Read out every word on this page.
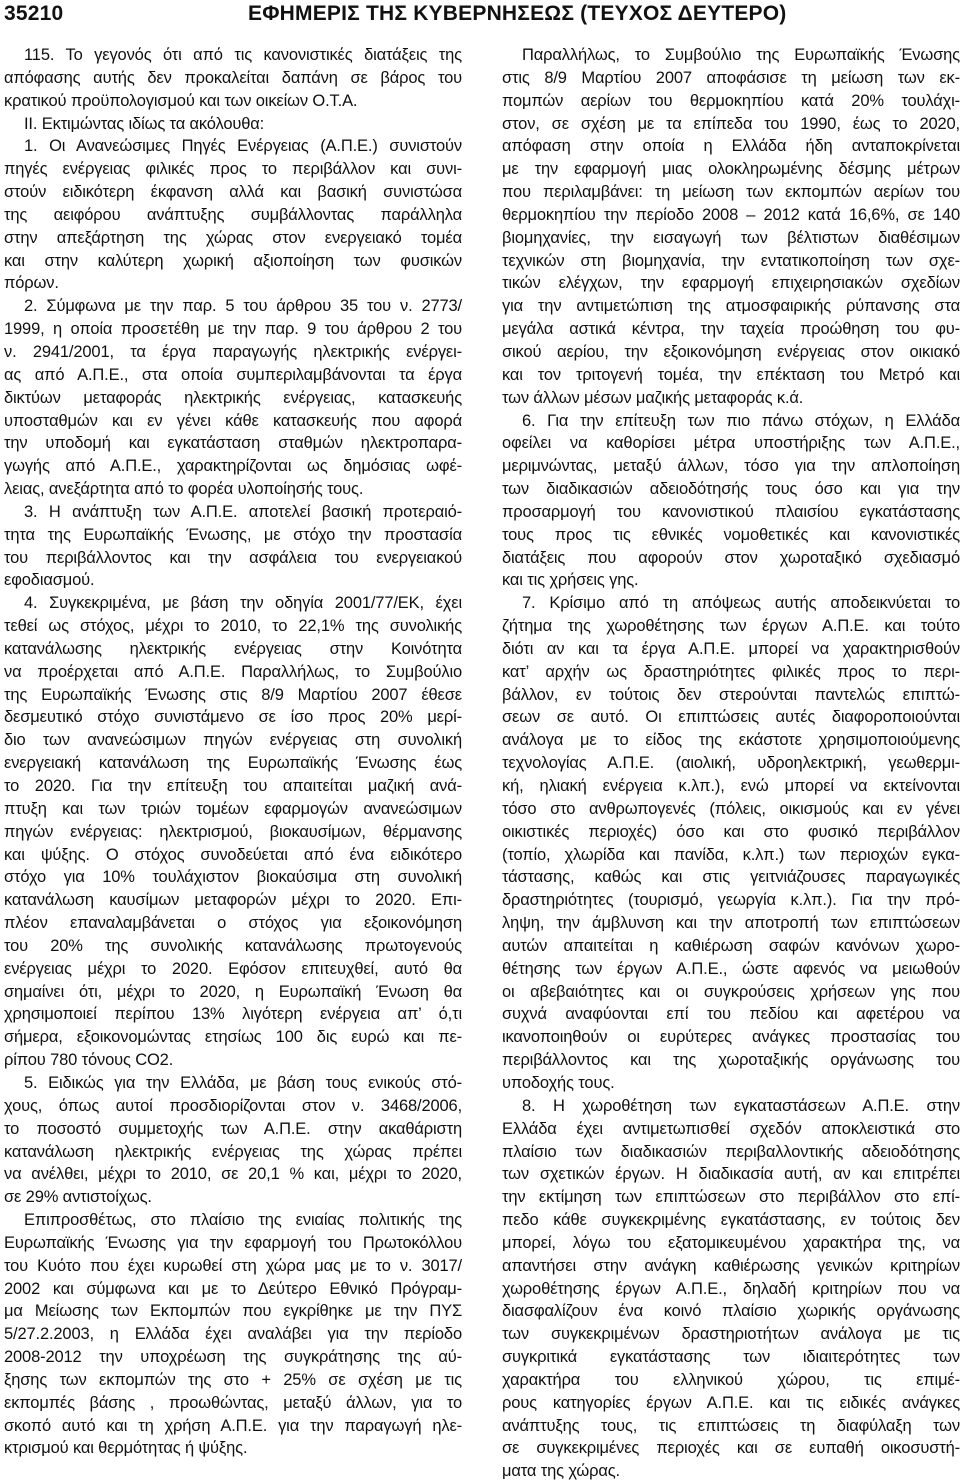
35210	ΕΦΗΜΕΡΙΣ ΤΗΣ ΚΥΒΕΡΝΗΣΕΩΣ (ΤΕΥΧΟΣ ΔΕΥΤΕΡΟ)
115. Το γεγονός ότι από τις κανονιστικές διατάξεις της
απόφασης αυτής δεν προκαλείται δαπάνη σε βάρος του
κρατικού προϋπολογισμού και των οικείων Ο.Τ.Α.
ΙΙ. Εκτιμώντας ιδίως τα ακόλουθα:
1. Οι Ανανεώσιμες Πηγές Ενέργειας (Α.Π.Ε.) συνιστούν
πηγές ενέργειας φιλικές προς το περιβάλλον και συνι-
στούν ειδικότερη έκφανση αλλά και βασική συνιστώσα
της αειφόρου ανάπτυξης συμβάλλοντας παράλληλα
στην απεξάρτηση της χώρας στον ενεργειακό τομέα
και στην καλύτερη χωρική αξιοποίηση των φυσικών
πόρων.
2. Σύμφωνα με την παρ. 5 του άρθρου 35 του ν. 2773/
1999, η οποία προσετέθη με την παρ. 9 του άρθρου 2 του
ν. 2941/2001, τα έργα παραγωγής ηλεκτρικής ενέργει-
ας από Α.Π.Ε., στα οποία συμπεριλαμβάνονται τα έργα
δικτύων μεταφοράς ηλεκτρικής ενέργειας, κατασκευής
υποσταθμών και εν γένει κάθε κατασκευής που αφορά
την υποδομή και εγκατάσταση σταθμών ηλεκτροπαρα-
γωγής από Α.Π.Ε., χαρακτηρίζονται ως δημόσιας ωφέ-
λειας, ανεξάρτητα από το φορέα υλοποίησής τους.
3. Η ανάπτυξη των Α.Π.Ε. αποτελεί βασική προτεραιό-
τητα της Ευρωπαϊκής Ένωσης, με στόχο την προστασία
του περιβάλλοντος και την ασφάλεια του ενεργειακού
εφοδιασμού.
4. Συγκεκριμένα, με βάση την οδηγία 2001/77/ΕΚ, έχει
τεθεί ως στόχος, μέχρι το 2010, το 22,1% της συνολικής
κατανάλωσης ηλεκτρικής ενέργειας στην Κοινότητα
να προέρχεται από Α.Π.Ε. Παραλλήλως, το Συμβούλιο
της Ευρωπαϊκής Ένωσης στις 8/9 Μαρτίου 2007 έθεσε
δεσμευτικό στόχο συνιστάμενο σε ίσο προς 20% μερί-
διο των ανανεώσιμων πηγών ενέργειας στη συνολική
ενεργειακή κατανάλωση της Ευρωπαϊκής Ένωσης έως
το 2020. Για την επίτευξη του απαιτείται μαζική ανά-
πτυξη και των τριών τομέων εφαρμογών ανανεώσιμων
πηγών ενέργειας: ηλεκτρισμού, βιοκαυσίμων, θέρμανσης
και ψύξης. Ο στόχος συνοδεύεται από ένα ειδικότερο
στόχο για 10% τουλάχιστον βιοκαύσιμα στη συνολική
κατανάλωση καυσίμων μεταφορών μέχρι το 2020. Επι-
πλέον επαναλαμβάνεται ο στόχος για εξοικονόμηση
του 20% της συνολικής κατανάλωσης πρωτογενούς
ενέργειας μέχρι το 2020. Εφόσον επιτευχθεί, αυτό θα
σημαίνει ότι, μέχρι το 2020, η Ευρωπαϊκή Ένωση θα
χρησιμοποιεί περίπου 13% λιγότερη ενέργεια απ’ ό,τι
σήμερα, εξοικονομώντας ετησίως 100 δις ευρώ και πε-
ρίπου 780 τόνους CO2.
5. Ειδικώς για την Ελλάδα, με βάση τους ενικούς στό-
χους, όπως αυτοί προσδιορίζονται στον ν. 3468/2006,
το ποσοστό συμμετοχής των Α.Π.Ε. στην ακαθάριστη
κατανάλωση ηλεκτρικής ενέργειας της χώρας πρέπει
να ανέλθει, μέχρι το 2010, σε 20,1 % και, μέχρι το 2020,
σε 29% αντιστοίχως.
Επιπροσθέτως, στο πλαίσιο της ενιαίας πολιτικής της
Ευρωπαϊκής Ένωσης για την εφαρμογή του Πρωτοκόλλου
του Κυότο που έχει κυρωθεί στη χώρα μας με το ν. 3017/
2002 και σύμφωνα και με το Δεύτερο Εθνικό Πρόγραμ-
μα Μείωσης των Εκπομπών που εγκρίθηκε με την ΠΥΣ
5/27.2.2003, η Ελλάδα έχει αναλάβει για την περίοδο
2008-2012 την υποχρέωση της συγκράτησης της αύ-
ξησης των εκπομπών της στο + 25% σε σχέση με τις
εκπομπές βάσης , προωθώντας, μεταξύ άλλων, για το
σκοπό αυτό και τη χρήση Α.Π.Ε. για την παραγωγή ηλε-
κτρισμού και θερμότητας ή ψύξης.
Παραλλήλως, το Συμβούλιο της Ευρωπαϊκής Ένωσης
στις 8/9 Μαρτίου 2007 αποφάσισε τη μείωση των εκ-
πομπών αερίων του θερμοκηπίου κατά 20% τουλάχι-
στον, σε σχέση με τα επίπεδα του 1990, έως το 2020,
απόφαση στην οποία η Ελλάδα ήδη ανταποκρίνεται
με την εφαρμογή μιας ολοκληρωμένης δέσμης μέτρων
που περιλαμβάνει: τη μείωση των εκπομπών αερίων του
θερμοκηπίου την περίοδο 2008 – 2012 κατά 16,6%, σε 140
βιομηχανίες, την εισαγωγή των βέλτιστων διαθέσιμων
τεχνικών στη βιομηχανία, την εντατικοποίηση των σχε-
τικών ελέγχων, την εφαρμογή επιχειρησιακών σχεδίων
για την αντιμετώπιση της ατμοσφαιρικής ρύπανσης στα
μεγάλα αστικά κέντρα, την ταχεία προώθηση του φυ-
σικού αερίου, την εξοικονόμηση ενέργειας στον οικιακό
και τον τριτογενή τομέα, την επέκταση του Μετρό και
των άλλων μέσων μαζικής μεταφοράς κ.ά.
6. Για την επίτευξη των πιο πάνω στόχων, η Ελλάδα
οφείλει να καθορίσει μέτρα υποστήριξης των Α.Π.Ε.,
μεριμνώντας, μεταξύ άλλων, τόσο για την απλοποίηση
των διαδικασιών αδειοδότησής τους όσο και για την
προσαρμογή του κανονιστικού πλαισίου εγκατάστασης
τους προς τις εθνικές νομοθετικές και κανονιστικές
διατάξεις που αφορούν στον χωροταξικό σχεδιασμό
και τις χρήσεις γης.
7. Κρίσιμο από τη απόψεως αυτής αποδεικνύεται το
ζήτημα της χωροθέτησης των έργων Α.Π.Ε. και τούτο
διότι αν και τα έργα Α.Π.Ε. μπορεί να χαρακτηρισθούν
κατ’ αρχήν ως δραστηριότητες φιλικές προς το περι-
βάλλον, εν τούτοις δεν στερούνται παντελώς επιπτώ-
σεων σε αυτό. Οι επιπτώσεις αυτές διαφοροποιούνται
ανάλογα με το είδος της εκάστοτε χρησιμοποιούμενης
τεχνολογίας Α.Π.Ε. (αιολική, υδροηλεκτρική, γεωθερμι-
κή, ηλιακή ενέργεια κ.λπ.), ενώ μπορεί να εκτείνονται
τόσο στο ανθρωπογενές (πόλεις, οικισμούς και εν γένει
οικιστικές περιοχές) όσο και στο φυσικό περιβάλλον
(τοπίο, χλωρίδα και πανίδα, κ.λπ.) των περιοχών εγκα-
τάστασης, καθώς και στις γειτνιάζουσες παραγωγικές
δραστηριότητες (τουρισμό, γεωργία κ.λπ.). Για την πρό-
ληψη, την άμβλυνση και την αποτροπή των επιπτώσεων
αυτών απαιτείται η καθιέρωση σαφών κανόνων χωρο-
θέτησης των έργων Α.Π.Ε., ώστε αφενός να μειωθούν
οι αβεβαιότητες και οι συγκρούσεις χρήσεων γης που
συχνά αναφύονται επί του πεδίου και αφετέρου να
ικανοποιηθούν οι ευρύτερες ανάγκες προστασίας του
περιβάλλοντος και της χωροταξικής οργάνωσης του
υποδοχής τους.
8. Η χωροθέτηση των εγκαταστάσεων Α.Π.Ε. στην
Ελλάδα έχει αντιμετωπισθεί σχεδόν αποκλειστικά στο
πλαίσιο των διαδικασιών περιβαλλοντικής αδειοδότησης
των σχετικών έργων. Η διαδικασία αυτή, αν και επιτρέπει
την εκτίμηση των επιπτώσεων στο περιβάλλον στο επί-
πεδο κάθε συγκεκριμένης εγκατάστασης, εν τούτοις δεν
μπορεί, λόγω του εξατομικευμένου χαρακτήρα της, να
απαντήσει στην ανάγκη καθιέρωσης γενικών κριτηρίων
χωροθέτησης έργων Α.Π.Ε., δηλαδή κριτηρίων που να
διασφαλίζουν ένα κοινό πλαίσιο χωρικής οργάνωσης
των συγκεκριμένων δραστηριοτήτων ανάλογα με τις
συγκριτικά εγκατάστασης των ιδιαιτερότητες των
χαρακτήρα του ελληνικού χώρου, τις επιμέ-
ρους κατηγορίες έργων Α.Π.Ε. και τις ειδικές ανάγκες
ανάπτυξης τους, τις επιπτώσεις τη διαφύλαξη των
σε συγκεκριμένες περιοχές και σε ευπαθή οικοσυστή-
ματα της χώρας.
